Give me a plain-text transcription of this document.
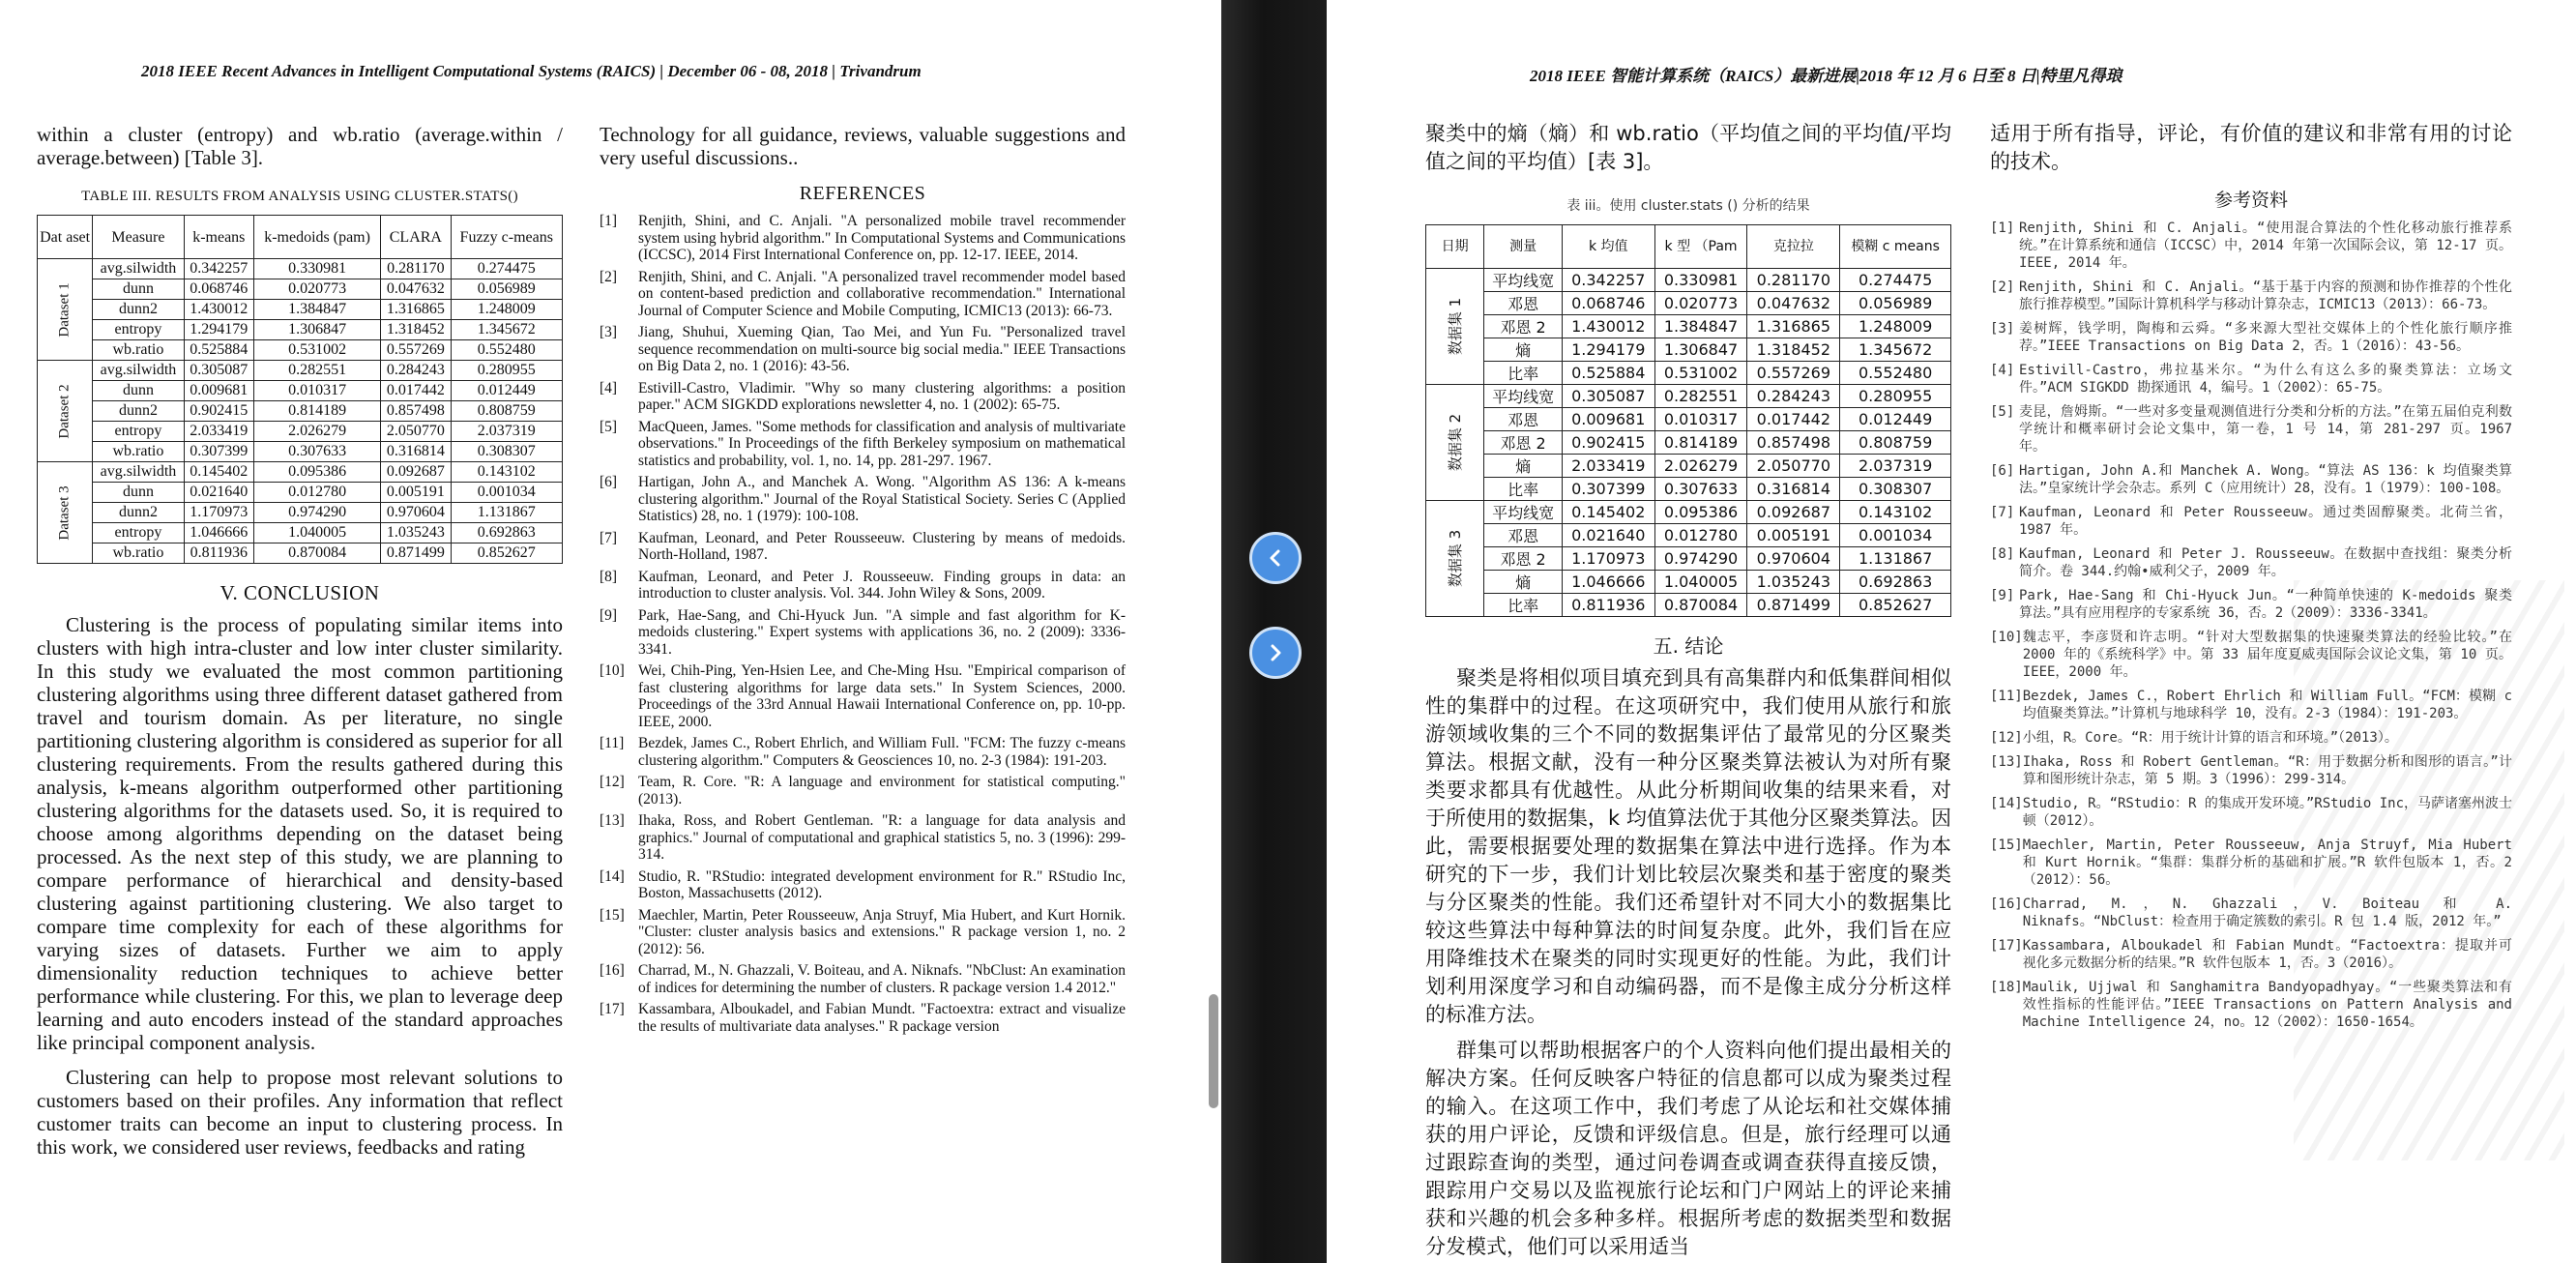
2018 IEEE Recent Advances in Intelligent Computational Systems (RAICS) | December 06 - 08, 2018 | Trivandrum

within a cluster (entropy) and wb.ratio (average.within / average.between) [Table 3].

TABLE III. RESULTS FROM ANALYSIS USING CLUSTER.STATS()
Dat aset	Measure	k-means	k-medoids (pam)	CLARA	Fuzzy c-means
Dataset 1	avg.silwidth	0.342257	0.330981	0.281170	0.274475
	dunn	0.068746	0.020773	0.047632	0.056989
	dunn2	1.430012	1.384847	1.316865	1.248009
	entropy	1.294179	1.306847	1.318452	1.345672
	wb.ratio	0.525884	0.531002	0.557269	0.552480
Dataset 2	avg.silwidth	0.305087	0.282551	0.284243	0.280955
	dunn	0.009681	0.010317	0.017442	0.012449
	dunn2	0.902415	0.814189	0.857498	0.808759
	entropy	2.033419	2.026279	2.050770	2.037319
	wb.ratio	0.307399	0.307633	0.316814	0.308307
Dataset 3	avg.silwidth	0.145402	0.095386	0.092687	0.143102
	dunn	0.021640	0.012780	0.005191	0.001034
	dunn2	1.170973	0.974290	0.970604	1.131867
	entropy	1.046666	1.040005	1.035243	0.692863
	wb.ratio	0.811936	0.870084	0.871499	0.852627
V. CONCLUSION

Clustering is the process of populating similar items into clusters with high intra-cluster and low inter cluster similarity. In this study we evaluated the most common partitioning clustering algorithms using three different dataset gathered from travel and tourism domain. As per literature, no single partitioning clustering algorithm is considered as superior for all clustering requirements. From the results gathered during this analysis, k-means algorithm outperformed other partitioning clustering algorithms for the datasets used. So, it is required to choose among algorithms depending on the dataset being processed. As the next step of this study, we are planning to compare performance of hierarchical and density-based clustering against partitioning clustering. We also target to compare time complexity for each of these algorithms for varying sizes of datasets. Further we aim to apply dimensionality reduction techniques to achieve better performance while clustering. For this, we plan to leverage deep learning and auto encoders instead of the standard approaches like principal component analysis.

Clustering can help to propose most relevant solutions to customers based on their profiles. Any information that reflect customer traits can become an input to clustering process. In this work, we considered user reviews, feedbacks and rating

Technology for all guidance, reviews, valuable suggestions and very useful discussions..

REFERENCES
[1]	Renjith, Shini, and C. Anjali. "A personalized mobile travel recommender system using hybrid algorithm." In Computational Systems and Communications (ICCSC), 2014 First International Conference on, pp. 12-17. IEEE, 2014.
[2]	Renjith, Shini, and C. Anjali. "A personalized travel recommender model based on content-based prediction and collaborative recommendation." International Journal of Computer Science and Mobile Computing, ICMIC13 (2013): 66-73.
[3]	Jiang, Shuhui, Xueming Qian, Tao Mei, and Yun Fu. "Personalized travel sequence recommendation on multi-source big social media." IEEE Transactions on Big Data 2, no. 1 (2016): 43-56.
[4]	Estivill-Castro, Vladimir. "Why so many clustering algorithms: a position paper." ACM SIGKDD explorations newsletter 4, no. 1 (2002): 65-75.
[5]	MacQueen, James. "Some methods for classification and analysis of multivariate observations." In Proceedings of the fifth Berkeley symposium on mathematical statistics and probability, vol. 1, no. 14, pp. 281-297. 1967.
[6]	Hartigan, John A., and Manchek A. Wong. "Algorithm AS 136: A k-means clustering algorithm." Journal of the Royal Statistical Society. Series C (Applied Statistics) 28, no. 1 (1979): 100-108.
[7]	Kaufman, Leonard, and Peter Rousseeuw. Clustering by means of medoids. North-Holland, 1987.
[8]	Kaufman, Leonard, and Peter J. Rousseeuw. Finding groups in data: an introduction to cluster analysis. Vol. 344. John Wiley & Sons, 2009.
[9]	Park, Hae-Sang, and Chi-Hyuck Jun. "A simple and fast algorithm for K-medoids clustering." Expert systems with applications 36, no. 2 (2009): 3336-3341.
[10] Wei, Chih-Ping, Yen-Hsien Lee, and Che-Ming Hsu. "Empirical comparison of fast clustering algorithms for large data sets." In System Sciences, 2000. Proceedings of the 33rd Annual Hawaii International Conference on, pp. 10-pp. IEEE, 2000.
[11] Bezdek, James C., Robert Ehrlich, and William Full. "FCM: The fuzzy c-means clustering algorithm." Computers & Geosciences 10, no. 2-3 (1984): 191-203.
[12] Team, R. Core. "R: A language and environment for statistical computing." (2013).
[13] Ihaka, Ross, and Robert Gentleman. "R: a language for data analysis and graphics." Journal of computational and graphical statistics 5, no. 3 (1996): 299-314.
[14] Studio, R. "RStudio: integrated development environment for R." RStudio Inc, Boston, Massachusetts (2012).
[15] Maechler, Martin, Peter Rousseeuw, Anja Struyf, Mia Hubert, and Kurt Hornik. "Cluster: cluster analysis basics and extensions." R package version 1, no. 2 (2012): 56.
[16] Charrad, M., N. Ghazzali, V. Boiteau, and A. Niknafs. "NbClust: An examination of indices for determining the number of clusters. R package version 1.4 2012."
[17] Kassambara, Alboukadel, and Fabian Mundt. "Factoextra: extract and visualize the results of multivariate data analyses." R package version
2018 IEEE 智能计算系统（RAICS）最新进展|2018 年 12 月 6 日至 8 日|特里凡得琅

聚类中的熵（熵）和 wb.ratio（平均值之间的平均值/平均值之间的平均值）[表 3]。

表 iii。使用 cluster.stats () 分析的结果
日期	测量	k 均值	k 型 （Pam	克拉拉	模糊 c means
数据集 1	平均线宽	0.342257	0.330981	0.281170	0.274475
	邓恩	0.068746	0.020773	0.047632	0.056989
	邓恩 2	1.430012	1.384847	1.316865	1.248009
	熵	1.294179	1.306847	1.318452	1.345672
	比率	0.525884	0.531002	0.557269	0.552480
数据集 2	平均线宽	0.305087	0.282551	0.284243	0.280955
	邓恩	0.009681	0.010317	0.017442	0.012449
	邓恩 2	0.902415	0.814189	0.857498	0.808759
	熵	2.033419	2.026279	2.050770	2.037319
	比率	0.307399	0.307633	0.316814	0.308307
数据集 3	平均线宽	0.145402	0.095386	0.092687	0.143102
	邓恩	0.021640	0.012780	0.005191	0.001034
	邓恩 2	1.170973	0.974290	0.970604	1.131867
	熵	1.046666	1.040005	1.035243	0.692863
	比率	0.811936	0.870084	0.871499	0.852627
五. 结论

聚类是将相似项目填充到具有高集群内和低集群间相似性的集群中的过程。在这项研究中，我们使用从旅行和旅游领域收集的三个不同的数据集评估了最常见的分区聚类算法。根据文献，没有一种分区聚类算法被认为对所有聚类要求都具有优越性。从此分析期间收集的结果来看，对于所使用的数据集，k 均值算法优于其他分区聚类算法。因此，需要根据要处理的数据集在算法中进行选择。作为本研究的下一步，我们计划比较层次聚类和基于密度的聚类与分区聚类的性能。我们还希望针对不同大小的数据集比较这些算法中每种算法的时间复杂度。此外，我们旨在应用降维技术在聚类的同时实现更好的性能。为此，我们计划利用深度学习和自动编码器，而不是像主成分分析这样的标准方法。

群集可以帮助根据客户的个人资料向他们提出最相关的解决方案。任何反映客户特征的信息都可以成为聚类过程的输入。在这项工作中，我们考虑了从论坛和社交媒体捕获的用户评论，反馈和评级信息。但是，旅行经理可以通过跟踪查询的类型，通过问卷调查或调查获得直接反馈，跟踪用户交易以及监视旅行论坛和门户网站上的评论来捕获和兴趣的机会多种多样。根据所考虑的数据类型和数据分发模式，他们可以采用适当

适用于所有指导，评论，有价值的建议和非常有用的讨论的技术。

参考资料
[1] Renjith, Shini 和 C. Anjali。“使用混合算法的个性化移动旅行推荐系统。”在计算系统和通信（ICCSC）中，2014 年第一次国际会议，第 12-17 页。IEEE, 2014 年。
[2] Renjith, Shini 和 C. Anjali。“基于基于内容的预测和协作推荐的个性化旅行推荐模型。”国际计算机科学与移动计算杂志，ICMIC13（2013）：66-73。
[3] 姜树辉，钱学明，陶梅和云舜。“多来源大型社交媒体上的个性化旅行顺序推荐。”IEEE Transactions on Big Data 2，否。1（2016）：43-56。
[4] Estivill-Castro，弗拉基米尔。“为什么有这么多的聚类算法：立场文件。”ACM SIGKDD 勘探通讯 4，编号。1（2002）：65-75。
[5] 麦昆，詹姆斯。“一些对多变量观测值进行分类和分析的方法。”在第五届伯克利数学统计和概率研讨会论文集中，第一卷，1 号 14，第 281-297 页。1967 年。
[6] Hartigan, John A.和 Manchek A. Wong。“算法 AS 136：k 均值聚类算法。”皇家统计学会杂志。系列 C（应用统计）28，没有。1（1979）：100-108。
[7] Kaufman, Leonard 和 Peter Rousseeuw。通过类固醇聚类。北荷兰省，1987 年。
[8] Kaufman, Leonard 和 Peter J. Rousseeuw。在数据中查找组：聚类分析简介。卷 344.约翰•威利父子，2009 年。
[9] Park, Hae-Sang 和 Chi-Hyuck Jun。“一种简单快速的 K-medoids 聚类算法。”具有应用程序的专家系统 36，否。2（2009）：3336-3341。
[10] 魏志平，李彦贤和许志明。“针对大型数据集的快速聚类算法的经验比较。”在 2000 年的《系统科学》中。第 33 届年度夏威夷国际会议论文集，第 10 页。IEEE，2000 年。
[11] Bezdek, James C.，Robert Ehrlich 和 William Full。“FCM：模糊 c 均值聚类算法。”计算机与地球科学 10，没有。2-3（1984）：191-203。
[12] 小组，R。Core。“R：用于统计计算的语言和环境。”（2013）。
[13] Ihaka, Ross 和 Robert Gentleman。“R：用于数据分析和图形的语言。”计算和图形统计杂志，第 5 期。3（1996）：299-314。
[14] Studio, R。“RStudio：R 的集成开发环境。”RStudio Inc，马萨诸塞州波士顿（2012）。
[15] Maechler, Martin, Peter Rousseeuw, Anja Struyf, Mia Hubert 和 Kurt Hornik。“集群：集群分析的基础和扩展。”R 软件包版本 1，否。2（2012）：56。
[16] Charrad, M.，N. Ghazzali，V. Boiteau 和 A. Niknafs。“NbClust：检查用于确定簇数的索引。R 包 1.4 版，2012 年。”
[17] Kassambara, Alboukadel 和 Fabian Mundt。“Factoextra：提取并可视化多元数据分析的结果。”R 软件包版本 1，否。3（2016）。
[18] Maulik, Ujjwal 和 Sanghamitra Bandyopadhyay。“一些聚类算法和有效性指标的性能评估。”IEEE Transactions on Pattern Analysis and Machine Intelligence 24，no。12（2002）：1650-1654。
